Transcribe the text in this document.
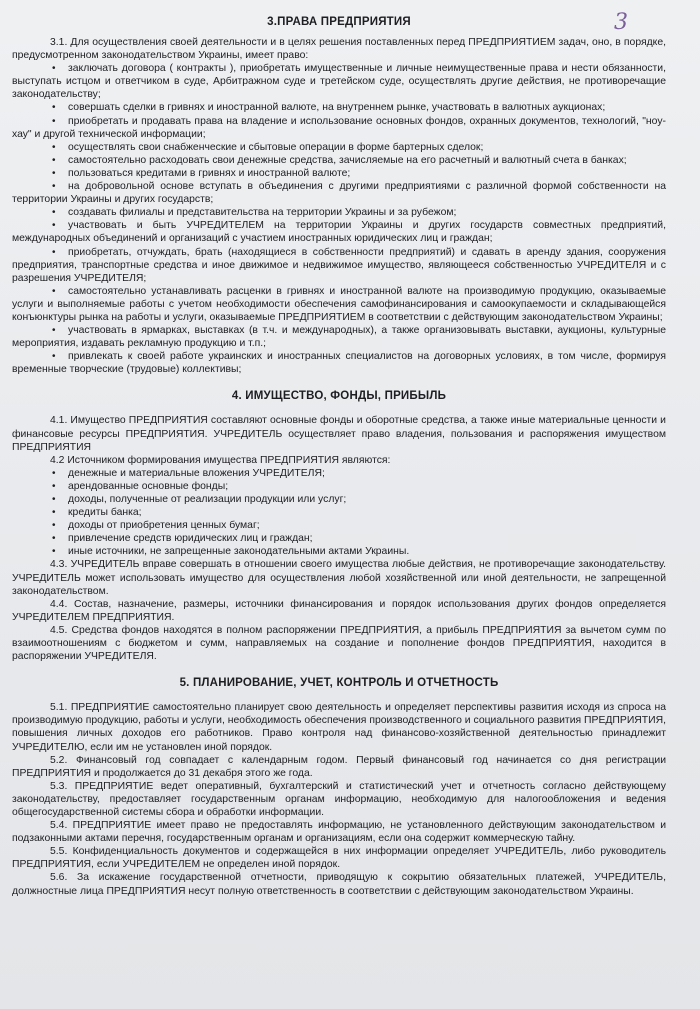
3
3.ПРАВА ПРЕДПРИЯТИЯ

3.1. Для осуществления своей деятельности и в целях решения поставленных перед ПРЕДПРИЯТИЕМ задач, оно, в порядке, предусмотренном законодательством Украины, имеет право:

• заключать договора ( контракты ), приобретать имущественные и личные неимущественные права и нести обязанности, выступать истцом и ответчиком в суде, Арбитражном суде и третейском суде, осуществлять другие действия, не противоречащие законодательству;
• совершать сделки в гривнях и иностранной валюте, на внутреннем рынке, участвовать в валютных аукционах;
• приобретать и продавать права на владение и использование основных фондов, охранных документов, технологий, "ноу-хау" и другой технической информации;
• осуществлять свои снабженческие и сбытовые операции в форме бартерных сделок;
• самостоятельно расходовать свои денежные средства, зачисляемые на его расчетный и валютный счета в банках;
• пользоваться кредитами в гривнях и иностранной валюте;
• на добровольной основе вступать в объединения с другими предприятиями с различной формой собственности на территории Украины и других государств;
• создавать филиалы и представительства на территории Украины и за рубежом;
• участвовать и быть УЧРЕДИТЕЛЕМ на территории Украины и других государств совместных предприятий, международных объединений и организаций с участием иностранных юридических лиц и граждан;
• приобретать, отчуждать, брать (находящиеся в собственности предприятий) и сдавать в аренду здания, сооружения предприятия, транспортные средства и иное движимое и недвижимое имущество, являющееся собственностью УЧРЕДИТЕЛЯ и с разрешения УЧРЕДИТЕЛЯ;
• самостоятельно устанавливать расценки в гривнях и иностранной валюте на производимую продукцию, оказываемые услуги и выполняемые работы с учетом необходимости обеспечения самофинансирования и самоокупаемости и складывающейся конъюнктуры рынка на работы и услуги, оказываемые ПРЕДПРИЯТИЕМ в соответствии с действующим законодательством Украины;
• участвовать в ярмарках, выставках (в т.ч. и международных), а также организовывать выставки, аукционы, культурные мероприятия, издавать рекламную продукцию и т.п.;
• привлекать к своей работе украинских и иностранных специалистов на договорных условиях, в том числе, формируя временные творческие (трудовые) коллективы;
4. ИМУЩЕСТВО, ФОНДЫ, ПРИБЫЛЬ

4.1. Имущество ПРЕДПРИЯТИЯ составляют основные фонды и оборотные средства, а также иные материальные ценности и финансовые ресурсы ПРЕДПРИЯТИЯ. УЧРЕДИТЕЛЬ осуществляет право владения, пользования и распоряжения имуществом ПРЕДПРИЯТИЯ

4.2 Источником формирования имущества ПРЕДПРИЯТИЯ являются:

• денежные и материальные вложения УЧРЕДИТЕЛЯ;
• арендованные основные фонды;
• доходы, полученные от реализации продукции или услуг;
• кредиты банка;
• доходы от приобретения ценных бумаг;
• привлечение средств юридических лиц и граждан;
• иные источники, не запрещенные законодательными актами Украины.

4.3. УЧРЕДИТЕЛЬ вправе совершать в отношении своего имущества любые действия, не противоречащие законодательству. УЧРЕДИТЕЛЬ может использовать имущество для осуществления любой хозяйственной или иной деятельности, не запрещенной законодательством.

4.4. Состав, назначение, размеры, источники финансирования и порядок использования других фондов определяется УЧРЕДИТЕЛЕМ ПРЕДПРИЯТИЯ.

4.5. Средства фондов находятся в полном распоряжении ПРЕДПРИЯТИЯ, а прибыль ПРЕДПРИЯТИЯ за вычетом сумм по взаимоотношениям с бюджетом и сумм, направляемых на создание и пополнение фондов ПРЕДПРИЯТИЯ, находится в распоряжении УЧРЕДИТЕЛЯ.

5. ПЛАНИРОВАНИЕ, УЧЕТ, КОНТРОЛЬ И ОТЧЕТНОСТЬ

5.1. ПРЕДПРИЯТИЕ самостоятельно планирует свою деятельность и определяет перспективы развития исходя из спроса на производимую продукцию, работы и услуги, необходимость обеспечения производственного и социального развития ПРЕДПРИЯТИЯ, повышения личных доходов его работников. Право контроля над финансово-хозяйственной деятельностью принадлежит УЧРЕДИТЕЛЮ, если им не установлен иной порядок.

5.2. Финансовый год совпадает с календарным годом. Первый финансовый год начинается со дня регистрации ПРЕДПРИЯТИЯ и продолжается до 31 декабря этого же года.

5.3. ПРЕДПРИЯТИЕ ведет оперативный, бухгалтерский и статистический учет и отчетность согласно действующему законодательству, предоставляет государственным органам информацию, необходимую для налогообложения и ведения общегосударственной системы сбора и обработки информации.

5.4. ПРЕДПРИЯТИЕ имеет право не предоставлять информацию, не установленного действующим законодательством и подзаконными актами перечня, государственным органам и организациям, если она содержит коммерческую тайну.

5.5. Конфиденциальность документов и содержащейся в них информации определяет УЧРЕДИТЕЛЬ, либо руководитель ПРЕДПРИЯТИЯ, если УЧРЕДИТЕЛЕМ не определен иной порядок.

5.6. За искажение государственной отчетности, приводящую к сокрытию обязательных платежей, УЧРЕДИТЕЛЬ, должностные лица ПРЕДПРИЯТИЯ несут полную ответственность в соответствии с действующим законодательством Украины.
